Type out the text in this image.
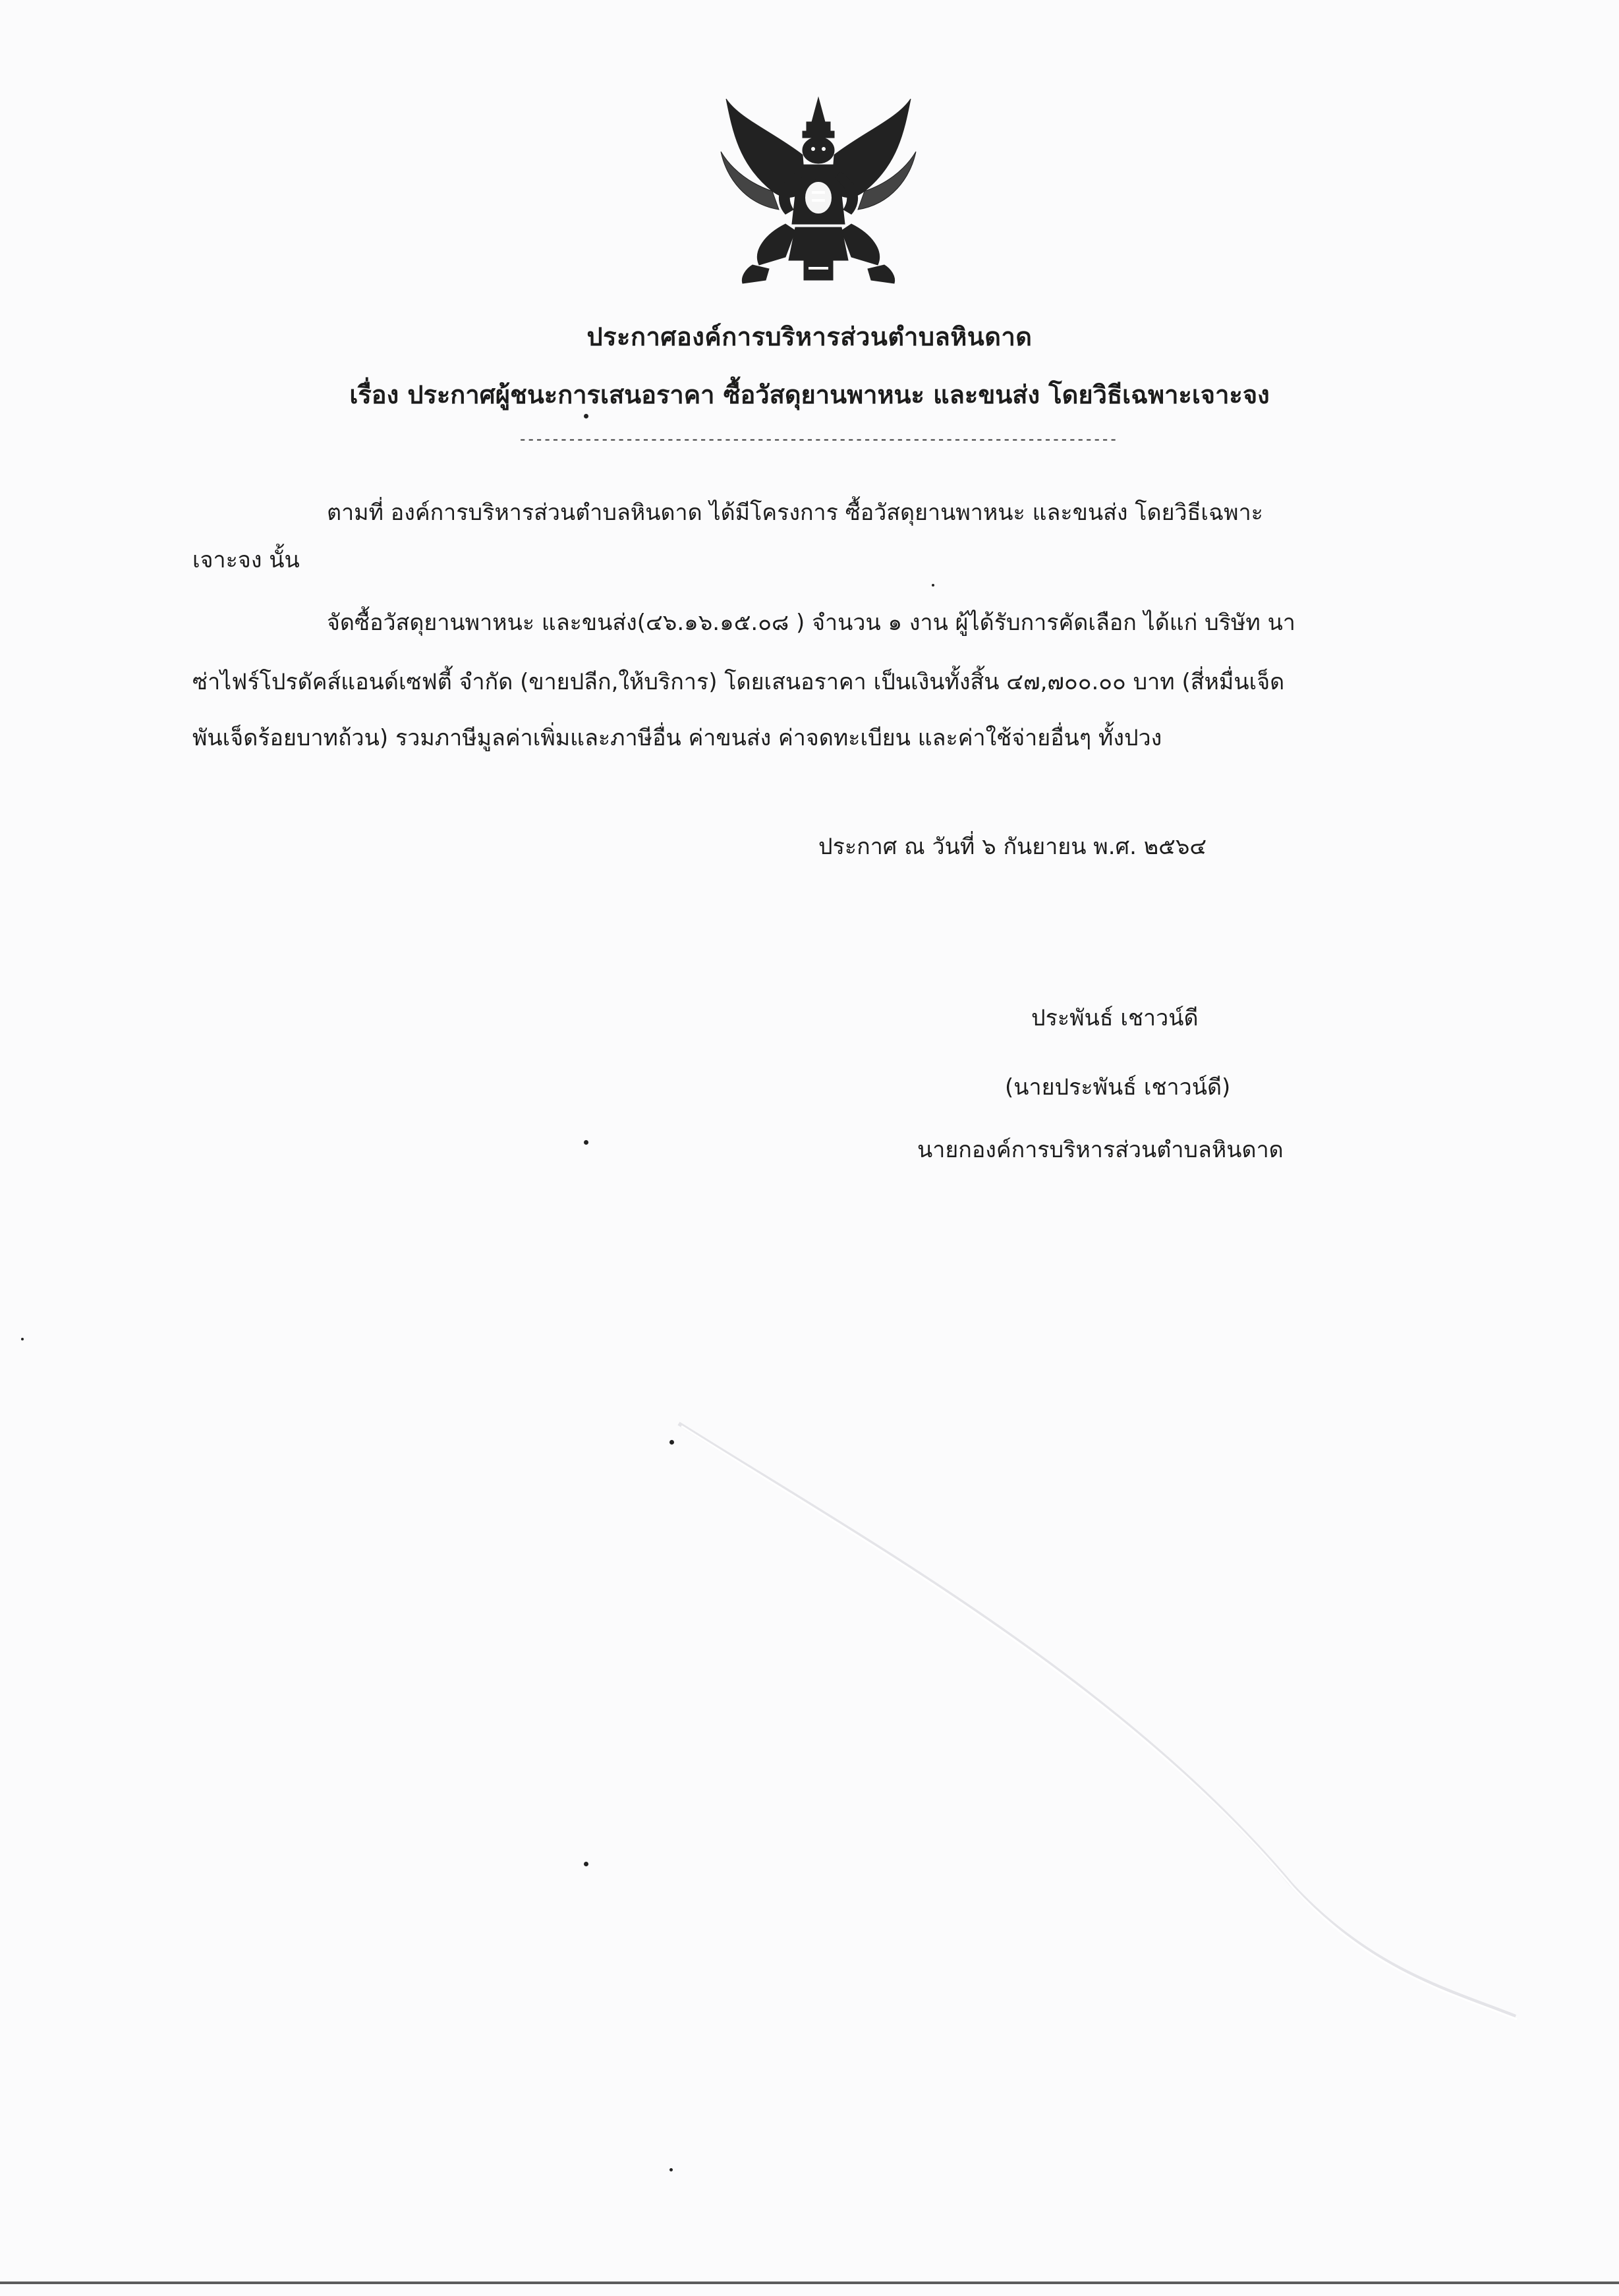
ประกาศองค์การบริหารส่วนตำบลหินดาด
เรื่อง ประกาศผู้ชนะการเสนอราคา ซื้อวัสดุยานพาหนะ และขนส่ง โดยวิธีเฉพาะเจาะจง
-------------------------------------------------------------------------
ตามที่ องค์การบริหารส่วนตำบลหินดาด ได้มีโครงการ ซื้อวัสดุยานพาหนะ และขนส่ง โดยวิธีเฉพาะ
เจาะจง นั้น
จัดซื้อวัสดุยานพาหนะ และขนส่ง(๔๖.๑๖.๑๕.๐๘ ) จำนวน ๑ งาน ผู้ได้รับการคัดเลือก ได้แก่ บริษัท นา
ซ่าไฟร์โปรดัคส์แอนด์เซฟตี้ จำกัด (ขายปลีก,ให้บริการ) โดยเสนอราคา เป็นเงินทั้งสิ้น ๔๗,๗๐๐.๐๐ บาท (สี่หมื่นเจ็ด
พันเจ็ดร้อยบาทถ้วน) รวมภาษีมูลค่าเพิ่มและภาษีอื่น ค่าขนส่ง ค่าจดทะเบียน และค่าใช้จ่ายอื่นๆ ทั้งปวง
ประกาศ ณ วันที่ ๖ กันยายน พ.ศ. ๒๕๖๔
ประพันธ์ เชาวน์ดี
(นายประพันธ์ เชาวน์ดี)
นายกองค์การบริหารส่วนตำบลหินดาด
